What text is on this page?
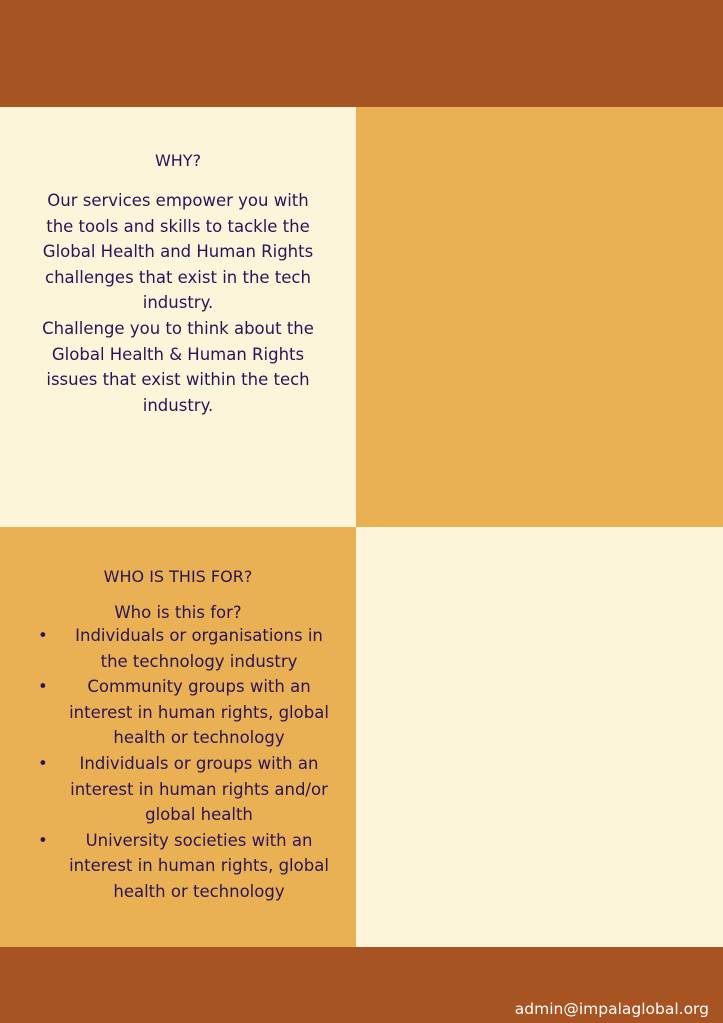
WHY?

Our services empower you with the tools and skills to tackle the Global Health and Human Rights challenges that exist in the tech industry.

Challenge you to think about the Global Health & Human Rights issues that exist within the tech industry.

WHO IS THIS FOR?
Who is this for?
•	Individuals or organisations in the technology industry
•	Community groups with an interest in human rights, global health or technology
•	Individuals or groups with an interest in human rights and/or global health
•	University societies with an interest in human rights, global health or technology
admin@impalaglobal.org
